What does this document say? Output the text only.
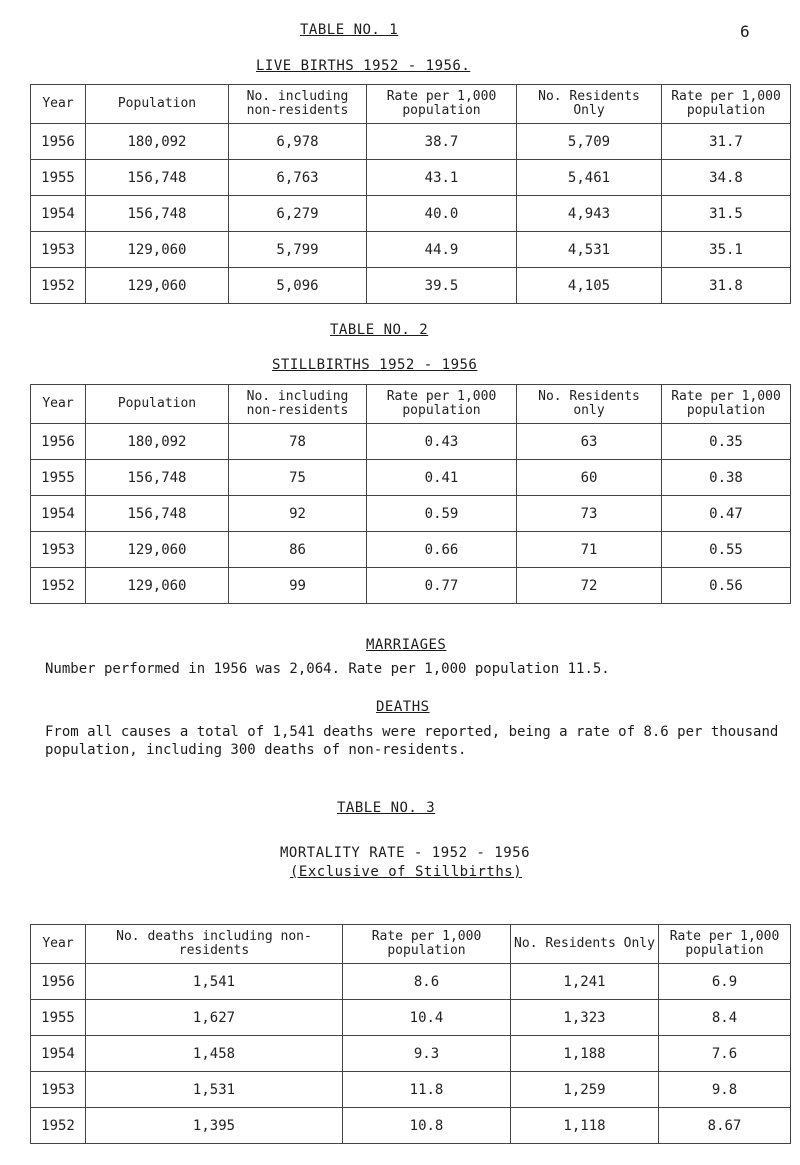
TABLE NO. 1	6
LIVE BIRTHS 1952 - 1956.
Year	Population	No. including non-residents	Rate per 1,000 population	No. Residents Only	Rate per 1,000 population
1956	180,092	6,978	38.7	5,709	31.7
1955	156,748	6,763	43.1	5,461	34.8
1954	156,748	6,279	40.0	4,943	31.5
1953	129,060	5,799	44.9	4,531	35.1
1952	129,060	5,096	39.5	4,105	31.8
TABLE NO. 2
STILLBIRTHS 1952 - 1956
Year	Population	No. including non-residents	Rate per 1,000 population	No. Residents only	Rate per 1,000 population
1956	180,092	78	0.43	63	0.35
1955	156,748	75	0.41	60	0.38
1954	156,748	92	0.59	73	0.47
1953	129,060	86	0.66	71	0.55
1952	129,060	99	0.77	72	0.56
MARRIAGES
Number performed in 1956 was 2,064. Rate per 1,000 population 11.5.
DEATHS
From all causes a total of 1,541 deaths were reported, being a rate of 8.6 per thousand population, including 300 deaths of non-residents.
TABLE NO. 3
MORTALITY RATE - 1952 - 1956
(Exclusive of Stillbirths)
Year	No. deaths including non-residents	Rate per 1,000 population	No. Residents Only	Rate per 1,000 population
1956	1,541	8.6	1,241	6.9
1955	1,627	10.4	1,323	8.4
1954	1,458	9.3	1,188	7.6
1953	1,531	11.8	1,259	9.8
1952	1,395	10.8	1,118	8.67
